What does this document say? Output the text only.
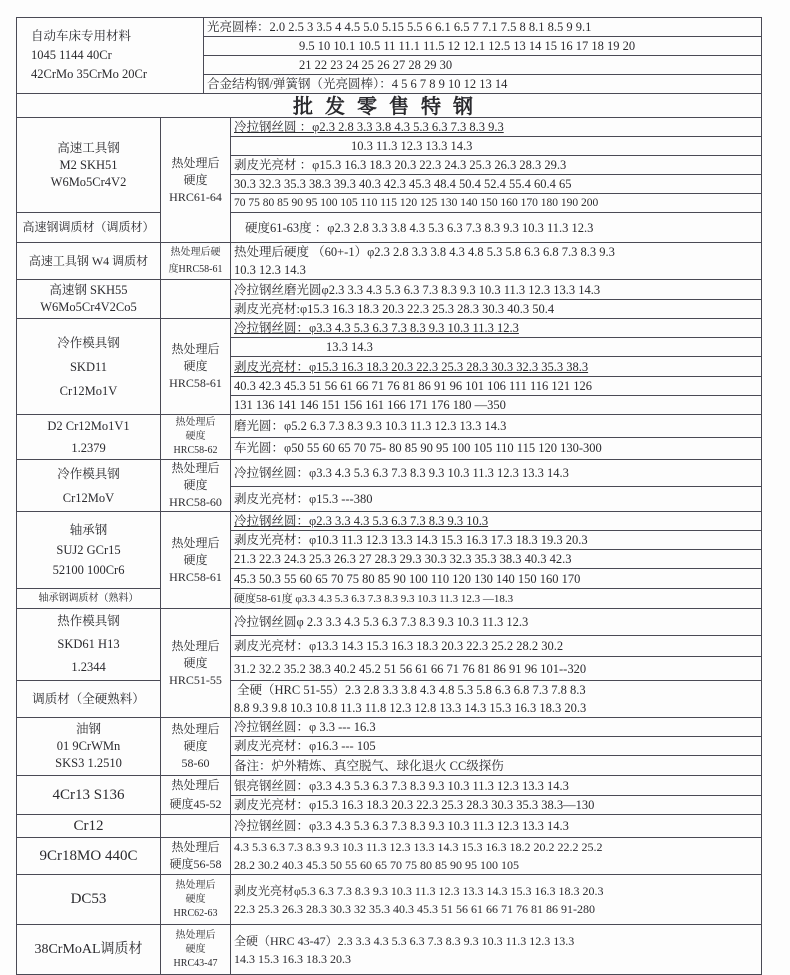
自动车床专用材料
1045 1144 40Cr
42CrMo 35CrMo 20Cr
	光亮圆棒：2.0 2.5 3 3.5 4 4.5 5.0 5.15 5.5 6 6.1 6.5 7 7.1 7.5 8 8.1 8.5 9 9.1
9.5 10 10.1 10.5 11 11.1 11.5 12 12.1 12.5 13 14 15 16 17 18 19 20
21 22 23 24 25 26 27 28 29 30
合金结构钢/弹簧钢（光亮圆棒）：4 5 6 7 8 9 10 12 13 14
批发零售特钢
高速工具钢
M2 SKH51
W6Mo5Cr4V2	热处理后
硬度
HRC61-64	冷拉钢丝圆 ：φ2.3 2.8 3.3 3.8 4.3 5.3 6.3 7.3 8.3 9.3
		10.3 11.3 12.3 13.3 14.3
		剥皮光亮材 ：φ15.3 16.3 18.3 20.3 22.3 24.3 25.3 26.3 28.3 29.3
		30.3 32.3 35.3 38.3 39.3 40.3 42.3 45.3 48.4 50.4 52.4 55.4 60.4 65
		70 75 80 85 90 95 100 105 110 115 120 125 130 140 150 160 170 180 190 200
高速钢调质材（调质材）		硬度61-63度 ：φ2.3 2.8 3.3 3.8 4.3 5.3 6.3 7.3 8.3 9.3 10.3 11.3 12.3
高速工具钢 W4 调质材	热处理后硬
度HRC58-61	热处理后硬度 （60+-1）φ2.3 2.8 3.3 3.8 4.3 4.8 5.3 5.8 6.3 6.8 7.3 8.3 9.3
10.3 12.3 14.3

高速钢 SKH55
W6Mo5Cr4V2Co5		冷拉钢丝磨光圆φ2.3 3.3 4.3 5.3 6.3 7.3 8.3 9.3 10.3 11.3 12.3 13.3 14.3
		剥皮光亮材:φ15.3 16.3 18.3 20.3 22.3 25.3 28.3 30.3 40.3 50.4

冷作模具钢
SKD11
Cr12Mo1V	热处理后
硬度
HRC58-61	冷拉钢丝圆：φ3.3 4.3 5.3 6.3 7.3 8.3 9.3 10.3 11.3 12.3
		13.3 14.3
		剥皮光亮材：φ15.3 16.3 18.3 20.3 22.3 25.3 28.3 30.3 32.3 35.3 38.3
		40.3 42.3 45.3 51 56 61 66 71 76 81 86 91 96 101 106 111 116 121 126
		131 136 141 146 151 156 161 166 171 176 180 —350

D2 Cr12Mo1V1
1.2379	热处理后
硬度
HRC58-62	磨光圆：φ5.2 6.3 7.3 8.3 9.3 10.3 11.3 12.3 13.3 14.3
		车光圆：φ50 55 60 65 70 75- 80 85 90 95 100 105 110 115 120 130-300

冷作模具钢
Cr12MoV	热处理后
硬度
HRC58-60	冷拉钢丝圆：φ3.3 4.3 5.3 6.3 7.3 8.3 9.3 10.3 11.3 12.3 13.3 14.3
		剥皮光亮材：φ15.3 ---380

轴承钢
SUJ2 GCr15
52100 100Cr6	热处理后
硬度
HRC58-61	冷拉钢丝圆：φ2.3 3.3 4.3 5.3 6.3 7.3 8.3 9.3 10.3
		剥皮光亮材：φ10.3 11.3 12.3 13.3 14.3 15.3 16.3 17.3 18.3 19.3 20.3
		21.3 22.3 24.3 25.3 26.3 27 28.3 29.3 30.3 32.3 35.3 38.3 40.3 42.3
		45.3 50.3 55 60 65 70 75 80 85 90 100 110 120 130 140 150 160 170
轴承钢调质材（熟料）		硬度58-61度 φ3.3 4.3 5.3 6.3 7.3 8.3 9.3 10.3 11.3 12.3 —18.3

热作模具钢
SKD61 H13
1.2344	热处理后
硬度
HRC51-55	冷拉钢丝圆φ 2.3 3.3 4.3 5.3 6.3 7.3 8.3 9.3 10.3 11.3 12.3
		剥皮光亮材：φ13.3 14.3 15.3 16.3 18.3 20.3 22.3 25.2 28.2 30.2
		31.2 32.2 35.2 38.3 40.2 45.2 51 56 61 66 71 76 81 86 91 96 101--320
调质材（全硬熟料）		全硬（HRC 51-55）2.3 2.8 3.3 3.8 4.3 4.8 5.3 5.8 6.3 6.8 7.3 7.8 8.3
8.8 9.3 9.8 10.3 10.8 11.3 11.8 12.3 12.8 13.3 14.3 15.3 16.3 18.3 20.3

油钢
01 9CrWMn
SKS3 1.2510	热处理后
硬度
58-60	冷拉钢丝圆：φ 3.3 --- 16.3
		剥皮光亮材：φ16.3 --- 105
		备注：炉外精炼、真空脱气、球化退火 CC级探伤
4Cr13 S136	热处理后
硬度45-52	银亮钢丝圆：φ3.3 4.3 5.3 6.3 7.3 8.3 9.3 10.3 11.3 12.3 13.3 14.3
		剥皮光亮材：φ15.3 16.3 18.3 20.3 22.3 25.3 28.3 30.3 35.3 38.3—130
Cr12		冷拉钢丝圆：φ3.3 4.3 5.3 6.3 7.3 8.3 9.3 10.3 11.3 12.3 13.3 14.3
9Cr18MO 440C	热处理后
硬度56-58	4.3 5.3 6.3 7.3 8.3 9.3 10.3 11.3 12.3 13.3 14.3 15.3 16.3 18.2 20.2 22.2 25.2
28.2 30.2 40.3 45.3 50 55 60 65 70 75 80 85 90 95 100 105

DC53	热处理后
硬度
HRC62-63	剥皮光亮材φ5.3 6.3 7.3 8.3 9.3 10.3 11.3 12.3 13.3 14.3 15.3 16.3 18.3 20.3
22.3 25.3 26.3 28.3 30.3 32 35.3 40.3 45.3 51 56 61 66 71 76 81 86 91-280

38CrMoAL调质材	热处理后
硬度
HRC43-47	全硬（HRC 43-47）2.3 3.3 4.3 5.3 6.3 7.3 8.3 9.3 10.3 11.3 12.3 13.3
14.3 15.3 16.3 18.3 20.3
